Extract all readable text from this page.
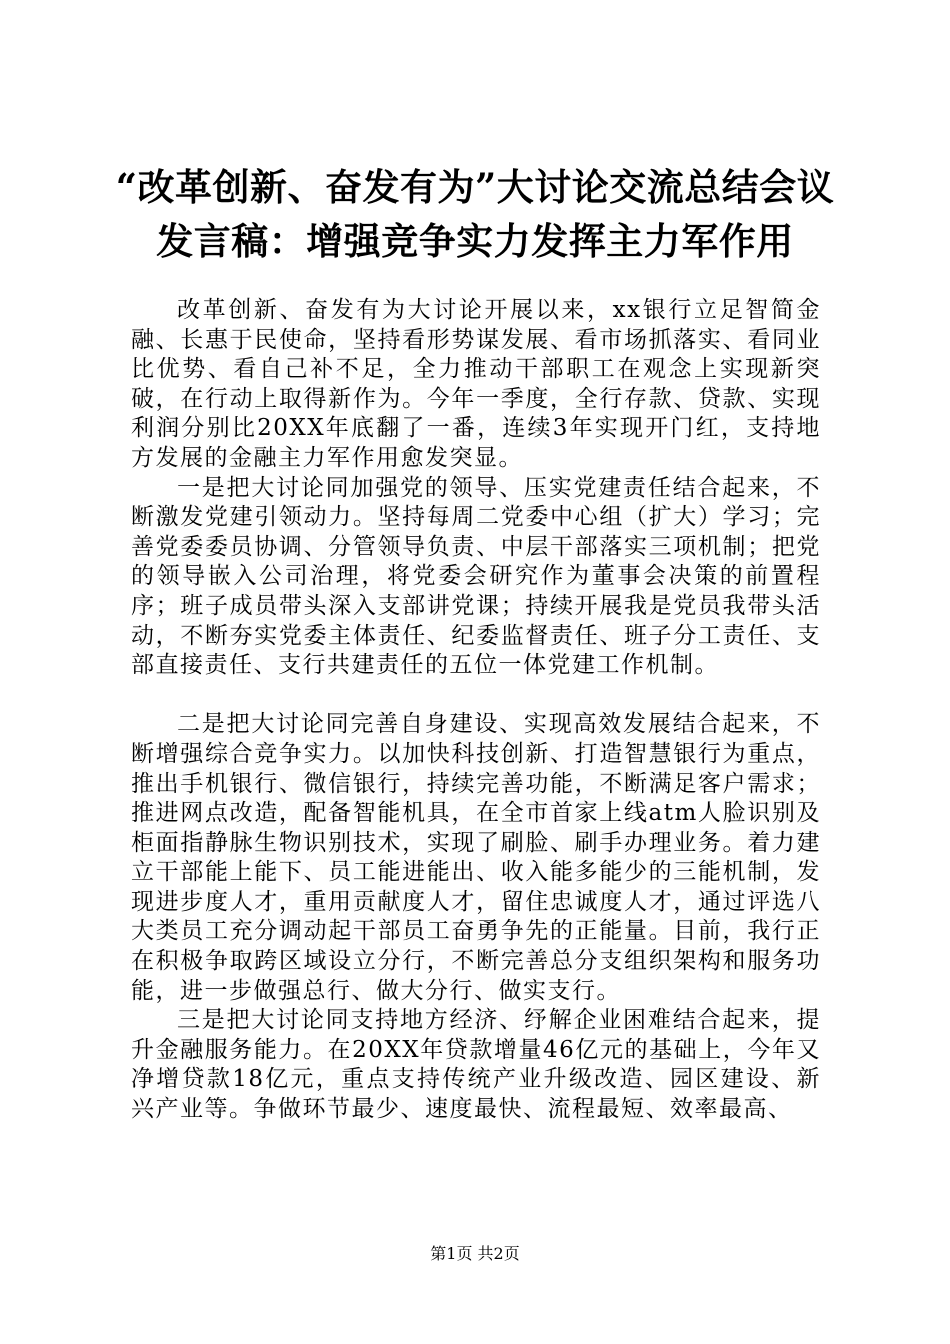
“改革创新、奋发有为”大讨论交流总结会议
发言稿：增强竞争实力发挥主力军作用

改革创新、奋发有为大讨论开展以来，xx银行立足智简金融、长惠于民使命，坚持看形势谋发展、看市场抓落实、看同业比优势、看自己补不足，全力推动干部职工在观念上实现新突破，在行动上取得新作为。今年一季度，全行存款、贷款、实现利润分别比20XX年底翻了一番，连续3年实现开门红，支持地方发展的金融主力军作用愈发突显。

一是把大讨论同加强党的领导、压实党建责任结合起来，不断激发党建引领动力。坚持每周二党委中心组（扩大）学习；完善党委委员协调、分管领导负责、中层干部落实三项机制；把党的领导嵌入公司治理，将党委会研究作为董事会决策的前置程序；班子成员带头深入支部讲党课；持续开展我是党员我带头活动，不断夯实党委主体责任、纪委监督责任、班子分工责任、支部直接责任、支行共建责任的五位一体党建工作机制。

二是把大讨论同完善自身建设、实现高效发展结合起来，不断增强综合竞争实力。以加快科技创新、打造智慧银行为重点，推出手机银行、微信银行，持续完善功能，不断满足客户需求；推进网点改造，配备智能机具，在全市首家上线atm人脸识别及柜面指静脉生物识别技术，实现了刷脸、刷手办理业务。着力建立干部能上能下、员工能进能出、收入能多能少的三能机制，发现进步度人才，重用贡献度人才，留住忠诚度人才，通过评选八大类员工充分调动起干部员工奋勇争先的正能量。目前，我行正在积极争取跨区域设立分行，不断完善总分支组织架构和服务功能，进一步做强总行、做大分行、做实支行。

三是把大讨论同支持地方经济、纾解企业困难结合起来，提升金融服务能力。在20XX年贷款增量46亿元的基础上，今年又净增贷款18亿元，重点支持传统产业升级改造、园区建设、新兴产业等。争做环节最少、速度最快、流程最短、效率最高、

第1页 共2页
